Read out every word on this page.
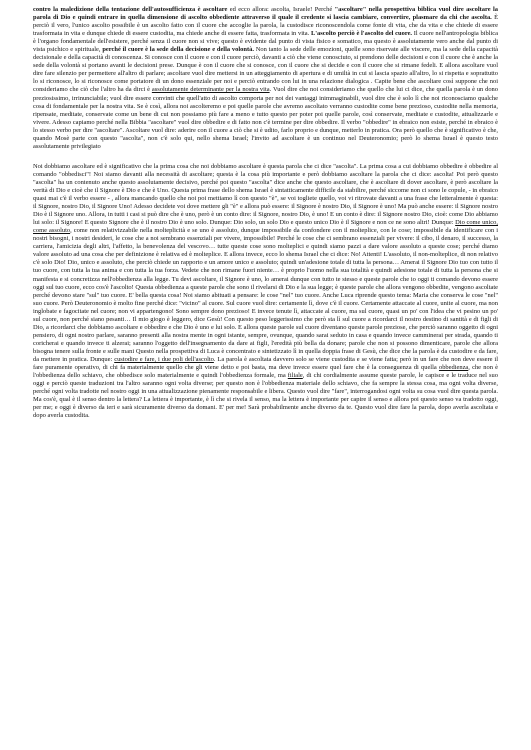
contro la maledizione della tentazione dell'autosufficienza è ascoltare ed ecco allora: ascolta, Israele! Perché "ascoltare" nella prospettiva biblica vuol dire ascoltare la parola di Dio e quindi entrare in quella dimensione di ascolto obbediente attraverso il quale il credente si lascia cambiare, convertire, plasmare da chi che ascolta. È perciò il vero, l'unico ascolto possibile è un ascolto fatto con il cuore che accoglie la parola, la custodisce riconoscendola come fonte di vita, che da vita e che chiede di essere trasformata in vita e dunque chiede di essere custodita, ma chiede anche di essere fatta, trasformata in vita. L'ascolto perciò è l'ascolto del cuore. Il cuore nell'antropologia biblica è l'organo fondamentale dell'esistere, perché senza il cuore non si vive; questo è evidente dal punto di vista fisico e somatico, ma questo è assolutamente vero anche dal punto di vista psichico e spirituale, perché il cuore è la sede della decisione e della volontà. Non tanto la sede delle emozioni, quelle sono riservate alle viscere, ma la sede della capacità decisionale e della capacità di conoscenza. Si conosce con il cuore e con il cuore perciò, davanti a ciò che viene conosciuto, si prendono delle decisioni e con il cuore che è anche la sede della volontà si portano avanti le decisioni prese. Dunque è con il cuore che si conosce, con il cuore che si decide e con il cuore che si rimane fedeli. E allora ascoltare vuol dire fare silenzio per permettere all'altro di parlare; ascoltare vuol dire mettersi in un atteggiamento di apertura e di umiltà in cui si lascia spazio all'altro, lo si rispetta e soprattutto lo si riconosce, lo si riconosce come portatore di un dono essenziale per noi e perciò entrando con lui in una relazione dialogica . Capite bene che ascoltare così suppone che noi consideriamo che ciò che l'altro ha da dirci è assolutamente determinante per la nostra vita. Vuol dire che noi consideriamo che quello che lui ci dice, che quella parola è un dono preziosissimo, irrinunciabile; vuol dire essere convinti che quell'atto di ascolto comporta per noi dei vantaggi inimmaginabili, vuol dire che è solo lì che noi riconosciamo qualche cosa di fondamentale per la nostra vita. Se è così, allora noi ascolteremo e poi quelle parole che avremo ascoltato verranno custodite come bene prezioso, custodite nella memoria, ripensate, meditate, conservate come un bene di cui non possiamo più fare a meno e tutto questo per poter poi quelle parole, così conservate, meditate e custodite, attualizzarle e vivere. Adesso capiamo perché nella Bibbia "ascoltare" vuol dire obbedire e di fatto non c'è termine per dire obbedire. Il verbo "obbedire" in ebraico non esiste, perché in ebraico è lo stesso verbo per dire "ascoltare". Ascoltare vuol dire: aderire con il cuore a ciò che si è udito, farlo proprio e dunque, metterlo in pratica. Ora però quello che è significativo è che, quando Mosè parte con questo "ascolta", non c'è solo qui, nello shema Israel; l'invito ad ascoltare è un continuo nel Deuteronomio; però lo shema Israel è questo testo assolutamente privilegiato

Noi dobbiamo ascoltare ed è significativo che la prima cosa che noi dobbiamo ascoltare è questa parola che ci dice "ascolta". La prima cosa a cui dobbiamo obbedire è obbedire al comando "obbedisci"! Noi siamo davanti alla necessità di ascoltare; questa è la cosa più importante e però dobbiamo ascoltare la parola che ci dice: ascolta! Poi però questo "ascolta" ha un contenuto anche questo assolutamente decisivo, perché poi questo "ascolta" dice anche che questo ascoltare, che è ascoltare di dover ascoltare, è però ascoltare la verità di Dio e cioè che il Signore è Dio e che è Uno. Questa prima frase dello shema Israel è sintatticamente difficile da stabilire, perché siccome non ci sono le copule, - in ebraico quasi mai c'è il verbo essere - , allora mancando quello che noi poi mettiamo lì con questo "è", se voi togliete quello, voi vi ritrovate davanti a una frase che letteralmente è questa: il Signore, nostro Dio, il Signore Uno! Adesso decidete voi dove mettere gli "è" e allora può essere: il Signore è nostro Dio, il Signore è uno! Ma può anche essere: il Signore nostro Dio è il Signore uno. Allora, in tutti i casi si può dire che è uno, però è un conto dire: il Signore, nostro Dio, è uno! E un conto è dire: il Signore nostro Dio, cioè: come Dio abbiamo lui solo: il Signore! E questo Signore che è il nostro Dio è uno solo. Dunque: Dio solo, un solo Dio e questo unico Dio è il Signore e non ce ne sono altri! Dunque: Dio come unico, come assoluto, come non relativizzabile nella molteplicità e se uno è assoluto, dunque impossibile da confondere con il molteplice, con le cose; impossibile da identificare con i nostri bisogni, i nostri desideri, le cose che a noi sembrano essenziali per vivere, impossibile! Perché le cose che ci sembrano essenziali per vivere: il cibo, il denaro, il successo, la carriera, l'amicizia degli altri, l'affetto, la benevolenza del vescovo… tutte queste cose sono molteplici e quindi siamo pazzi a dare valore assoluto a queste cose; perché diamo valore assoluto ad una cosa che per definizione è relativa ed è molteplice. E allora invece, ecco lo shema Israel che ci dice: No! Attenti! L'assoluto, il non-molteplice, di non relativo c'è solo Dio! Dio, unico e assoluto, che perciò chiede un rapporto e un amore unico e assoluto; quindi un'adesione totale di tutta la persona… Amerai il Signore Dio tuo con tutto il tuo cuore, con tutta la tua anima e con tutta la tua forza. Vedete che non rimane fuori niente… è proprio l'uomo nella sua totalità e quindi adesione totale di tutta la persona che si manifesta e si concretizza nell'obbedienza alla legge. Tu devi ascoltare, il Signore è uno, lo amerai dunque con tutto te stesso e queste parole che io oggi ti comando devono essere oggi sul tuo cuore, ecco cos'è l'ascolto! Questa obbedienza a queste parole che sono il rivelarsi di Dio e la sua legge; è queste parole che allora vengono obbedite, vengono ascoltate perché devono stare "sul" tuo cuore. E' bella questa cosa! Noi siamo abituati a pensare: le cose "nel" tuo cuore. Anche Luca riprende questo tema: Maria che conserva le cose "nel" suo cuore. Però Deuteronomio è molto fine perché dice: "vicino" al cuore. Sul cuore vuol dire: certamente lì, dove c'è il cuore. Certamente attaccate al cuore, unite al cuore, ma non inglobate e fagocitate nel cuore; non vi appartengono! Sono sempre dono prezioso! E invece tenute lì, attaccate al cuore, ma sul cuore, quasi un po' con l'idea che vi pesino un po' sul cuore, non perché siano pesanti… Il mio giogo è leggero, dice Gesù! Con questo peso leggerissimo che però sta lì sul cuore a ricordarci il nostro destino di santità e di figli di Dio, a ricordarci che dobbiamo ascoltare e obbedire e che Dio è uno e lui solo. E allora queste parole sul cuore diventano queste parole preziose, che perciò saranno oggetto di ogni pensiero, di ogni nostro parlare, saranno presenti alla nostra mente in ogni istante, sempre, ovunque, quando sarai seduto in casa e quando invece camminerai per strada, quando ti coricherai e quando invece ti alzerai; saranno l'oggetto dell'insegnamento da dare ai figli, l'eredità più bella da donare; parole che non si possono dimenticare, parole che allora bisogna tenere sulla fronte e sulle mani Questo nella prospettiva di Luca è concentrato e sintetizzato lì in quella doppia frase di Gesù, che dice che la parola è da custodire e da fare, da mettere in pratica. Dunque: custodire e fare, i due poli dell'ascolto. La parola è ascoltata davvero solo se viene custodita e se viene fatta; però in un fare che non deve essere il fare puramente operativo, di chi fa materialmente quello che gli viene detto e poi basta, ma deve invece essere quel fare che è la conseguenza di quella obbedienza, che non è l'obbedienza dello schiavo, che obbedisce solo materialmente e quindi l'obbedienza formale, ma filiale, di chi cordialmente assume queste parole, le capisce e le traduce nel suo oggi e perciò queste traduzioni tra l'altro saranno ogni volta diverse; per questo non è l'obbedienza materiale dello schiavo, che fa sempre la stessa cosa, ma ogni volta diverse, perché ogni volta tradotte nel nostro oggi in una attualizzazione pienamente responsabile e libera. Questo vuol dire "fare", interrogandosi ogni volta su cosa vuol dire questa parola. Ma cos'è, qual è il senso dentro la lettera? La lettera è importante, è lì che si rivela il senso, ma la lettera è importante per capire il senso e allora poi questo senso va tradotto oggi, per me; e oggi è diverso da ieri e sarà sicuramente diverso da domani. E' per me! Sarà probabilmente anche diverso da te. Questo vuol dire fare la parola, dopo averla ascoltata e dopo averla custodita.
